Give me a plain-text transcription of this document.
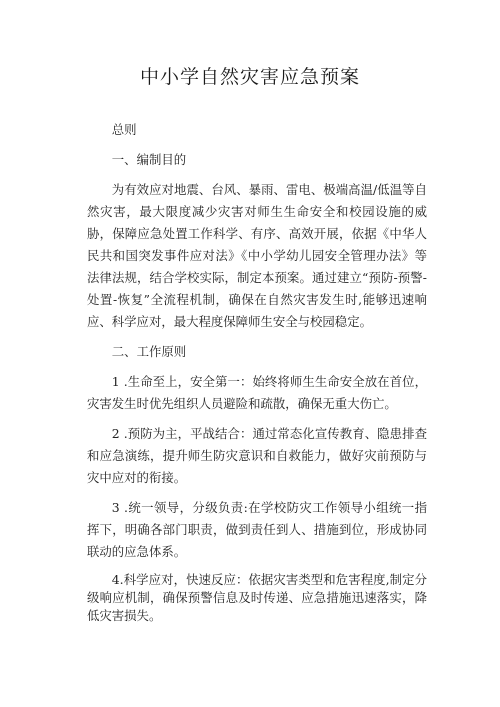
中小学自然灾害应急预案

总则

一、编制目的

为有效应对地震、台风、暴雨、雷电、极端高温/低温等自然灾害，最大限度减少灾害对师生生命安全和校园设施的威胁，保障应急处置工作科学、有序、高效开展，依据《中华人民共和国突发事件应对法》《中小学幼儿园安全管理办法》等法律法规，结合学校实际，制定本预案。通过建立“预防-预警-处置-恢复”全流程机制，确保在自然灾害发生时,能够迅速响应、科学应对，最大程度保障师生安全与校园稳定。

二、工作原则

1 .生命至上，安全第一：始终将师生生命安全放在首位，灾害发生时优先组织人员避险和疏散，确保无重大伤亡。

2 .预防为主，平战结合：通过常态化宣传教育、隐患排查和应急演练，提升师生防灾意识和自救能力，做好灾前预防与灾中应对的衔接。

3 .统一领导，分级负责:在学校防灾工作领导小组统一指挥下，明确各部门职责，做到责任到人、措施到位，形成协同联动的应急体系。

4.科学应对，快速反应：依据灾害类型和危害程度,制定分级响应机制，确保预警信息及时传递、应急措施迅速落实，降低灾害损失。
